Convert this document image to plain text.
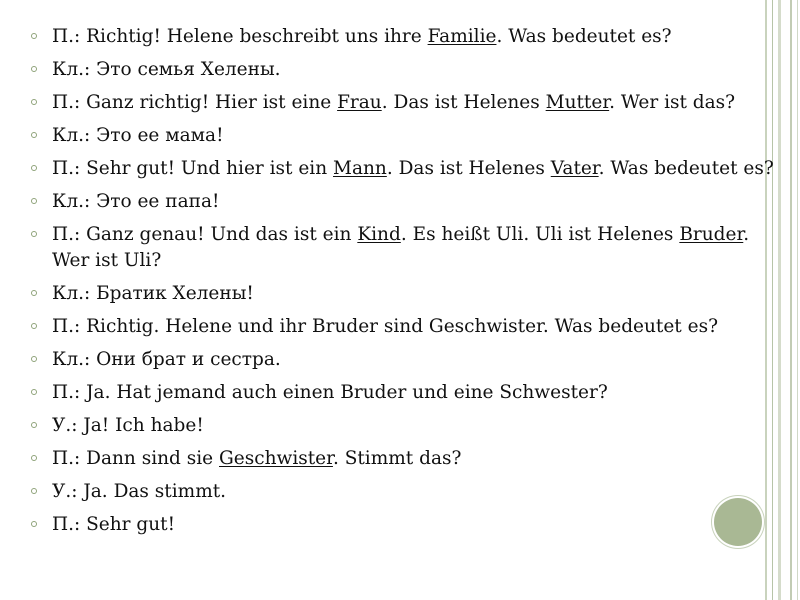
П.: Richtig! Helene beschreibt uns ihre Familie. Was bedeutet es?
Кл.: Это семья Хелены.
П.: Ganz richtig! Hier ist eine Frau. Das ist Helenes Mutter. Wer ist das?
Кл.: Это ее мама!
П.: Sehr gut! Und hier ist ein Mann. Das ist Helenes Vater. Was bedeutet es?
Кл.: Это ее папа!
П.: Ganz genau! Und das ist ein Kind. Es heißt Uli. Uli ist Helenes Bruder. Wer ist Uli?
Кл.: Братик Хелены!
П.: Richtig. Helene und ihr Bruder sind Geschwister. Was bedeutet es?
Кл.: Они брат и сестра.
П.: Ja. Hat jemand auch einen Bruder und eine Schwester?
У.: Ja! Ich habe!
П.: Dann sind sie Geschwister. Stimmt das?
У.: Ja. Das stimmt.
П.: Sehr gut!
